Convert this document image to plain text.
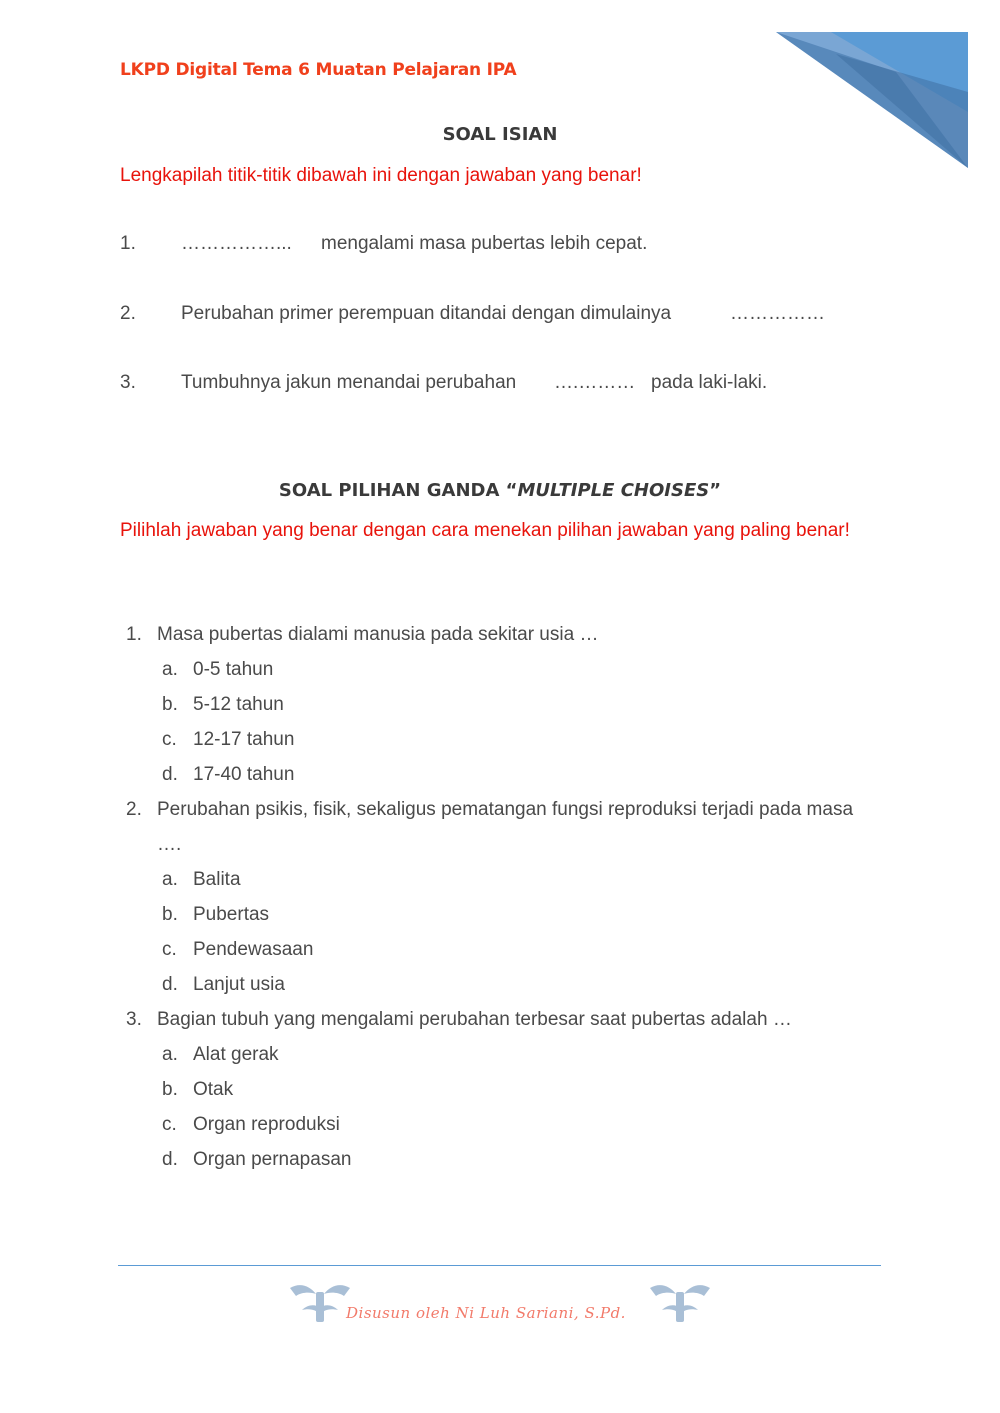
LKPD Digital Tema 6 Muatan Pelajaran IPA
SOAL ISIAN
Lengkapilah titik-titik dibawah ini dengan jawaban yang benar!
1. ……………... mengalami masa pubertas lebih cepat.
2. Perubahan primer perempuan ditandai dengan dimulainya	……………
3. Tumbuhnya jakun menandai perubahan ….……… pada laki-laki.
SOAL PILIHAN GANDA “MULTIPLE CHOISES”
Pilihlah jawaban yang benar dengan cara menekan pilihan jawaban yang paling benar!
1. Masa pubertas dialami manusia pada sekitar usia …
a. 0-5 tahun
b. 5-12 tahun
c. 12-17 tahun
d. 17-40 tahun
2. Perubahan psikis, fisik, sekaligus pematangan fungsi reproduksi terjadi pada masa ….
a. Balita
b. Pubertas
c. Pendewasaan
d. Lanjut usia
3. Bagian tubuh yang mengalami perubahan terbesar saat pubertas adalah …
a. Alat gerak
b. Otak
c. Organ reproduksi
d. Organ pernapasan
Disusun oleh Ni Luh Sariani, S.Pd.
